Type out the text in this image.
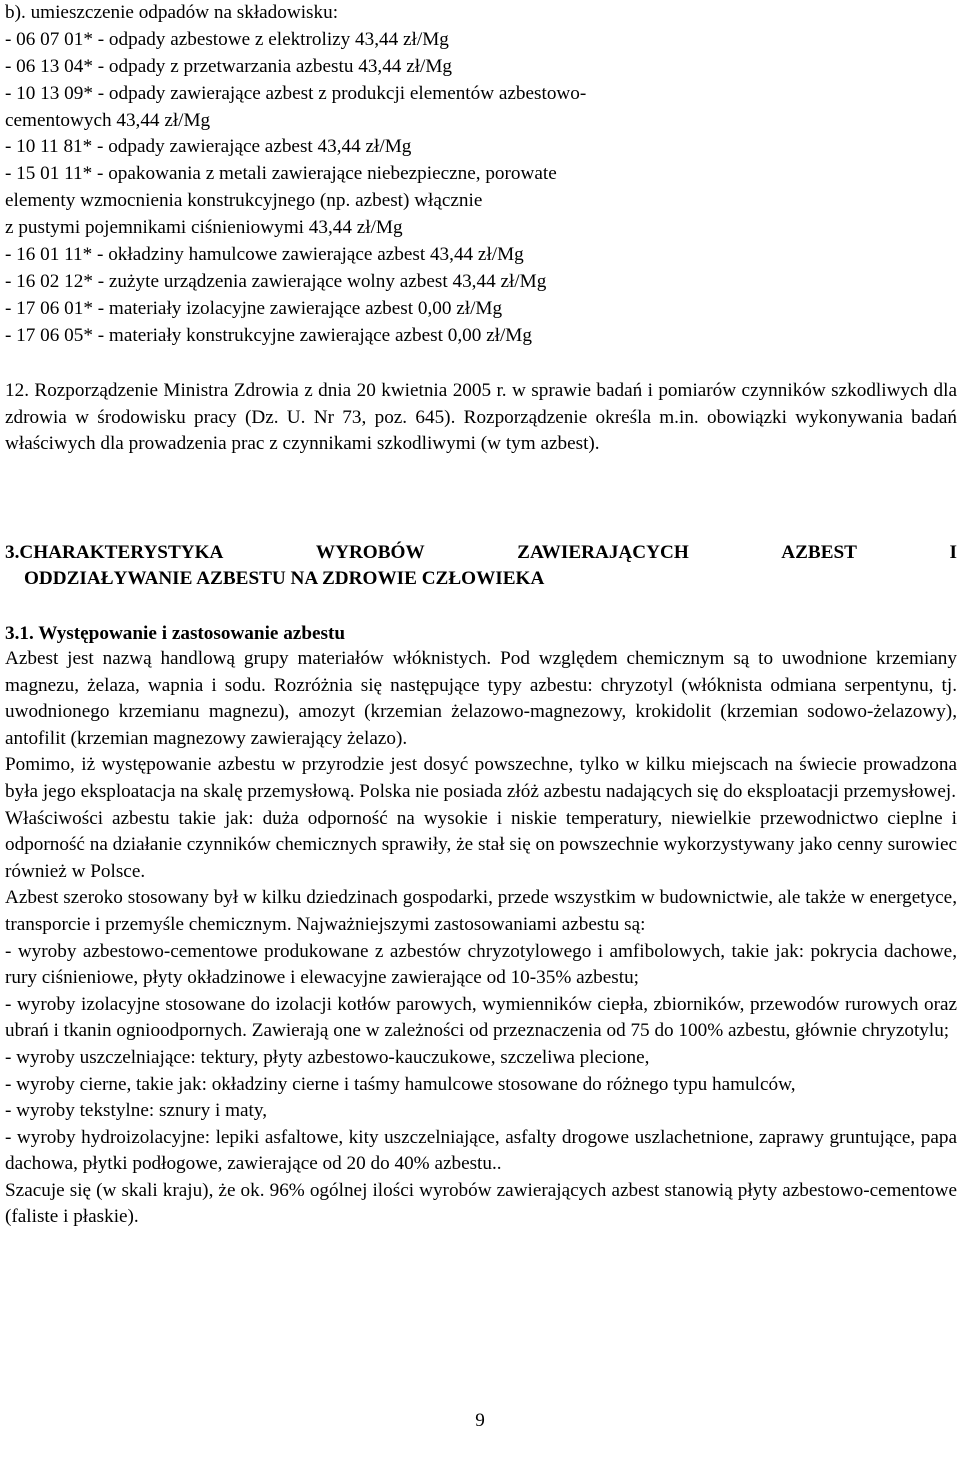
b). umieszczenie odpadów na składowisku:
- 06 07 01* - odpady azbestowe z elektrolizy 43,44 zł/Mg
- 06 13 04* - odpady z przetwarzania azbestu 43,44 zł/Mg
- 10 13 09* - odpady zawierające azbest z produkcji elementów azbestowo-
cementowych 43,44 zł/Mg
- 10 11 81* - odpady zawierające azbest 43,44 zł/Mg
- 15 01 11* - opakowania z metali zawierające niebezpieczne, porowate
elementy wzmocnienia konstrukcyjnego (np. azbest) włącznie
z pustymi pojemnikami ciśnieniowymi 43,44 zł/Mg
- 16 01 11* - okładziny hamulcowe zawierające azbest 43,44 zł/Mg
- 16 02 12* - zużyte urządzenia zawierające wolny azbest 43,44 zł/Mg
- 17 06 01* - materiały izolacyjne zawierające azbest 0,00 zł/Mg
- 17 06 05* - materiały konstrukcyjne zawierające azbest 0,00 zł/Mg
12. Rozporządzenie Ministra Zdrowia z dnia 20 kwietnia 2005 r. w sprawie badań i pomiarów czynników szkodliwych dla zdrowia w środowisku pracy (Dz. U. Nr 73, poz. 645). Rozporządzenie określa m.in. obowiązki wykonywania badań właściwych dla prowadzenia prac z czynnikami szkodliwymi (w tym azbest).
3.CHARAKTERYSTYKA	WYROBÓW	ZAWIERAJĄCYCH	AZBEST	I
ODDZIAŁYWANIE AZBESTU NA ZDROWIE CZŁOWIEKA
3.1. Występowanie i zastosowanie azbestu

Azbest jest nazwą handlową grupy materiałów włóknistych. Pod względem chemicznym są to uwodnione krzemiany magnezu, żelaza, wapnia i sodu. Rozróżnia się następujące typy azbestu: chryzotyl (włóknista odmiana serpentynu, tj. uwodnionego krzemianu magnezu), amozyt (krzemian żelazowo-magnezowy, krokidolit (krzemian sodowo-żelazowy), antofilit (krzemian magnezowy zawierający żelazo).

Pomimo, iż występowanie azbestu w przyrodzie jest dosyć powszechne, tylko w kilku miejscach na świecie prowadzona była jego eksploatacja na skalę przemysłową. Polska nie posiada złóż azbestu nadających się do eksploatacji przemysłowej.

Właściwości azbestu takie jak: duża odporność na wysokie i niskie temperatury, niewielkie przewodnictwo cieplne i odporność na działanie czynników chemicznych sprawiły, że stał się on powszechnie wykorzystywany jako cenny surowiec również w Polsce.

Azbest szeroko stosowany był w kilku dziedzinach gospodarki, przede wszystkim w budownictwie, ale także w energetyce, transporcie i przemyśle chemicznym. Najważniejszymi zastosowaniami azbestu są:

- wyroby azbestowo-cementowe produkowane z azbestów chryzotylowego i amfibolowych, takie jak: pokrycia dachowe, rury ciśnieniowe, płyty okładzinowe i elewacyjne zawierające od 10-35% azbestu;

- wyroby izolacyjne stosowane do izolacji kotłów parowych, wymienników ciepła, zbiorników, przewodów rurowych oraz ubrań i tkanin ognioodpornych. Zawierają one w zależności od przeznaczenia od 75 do 100% azbestu, głównie chryzotylu;

- wyroby uszczelniające: tektury, płyty azbestowo-kauczukowe, szczeliwa plecione,

- wyroby cierne, takie jak: okładziny cierne i taśmy hamulcowe stosowane do różnego typu hamulców,

- wyroby tekstylne: sznury i maty,

- wyroby hydroizolacyjne: lepiki asfaltowe, kity uszczelniające, asfalty drogowe uszlachetnione, zaprawy gruntujące, papa dachowa, płytki podłogowe, zawierające od 20 do 40% azbestu..

Szacuje się (w skali kraju), że ok. 96% ogólnej ilości wyrobów zawierających azbest stanowią płyty azbestowo-cementowe (faliste i płaskie).

9
